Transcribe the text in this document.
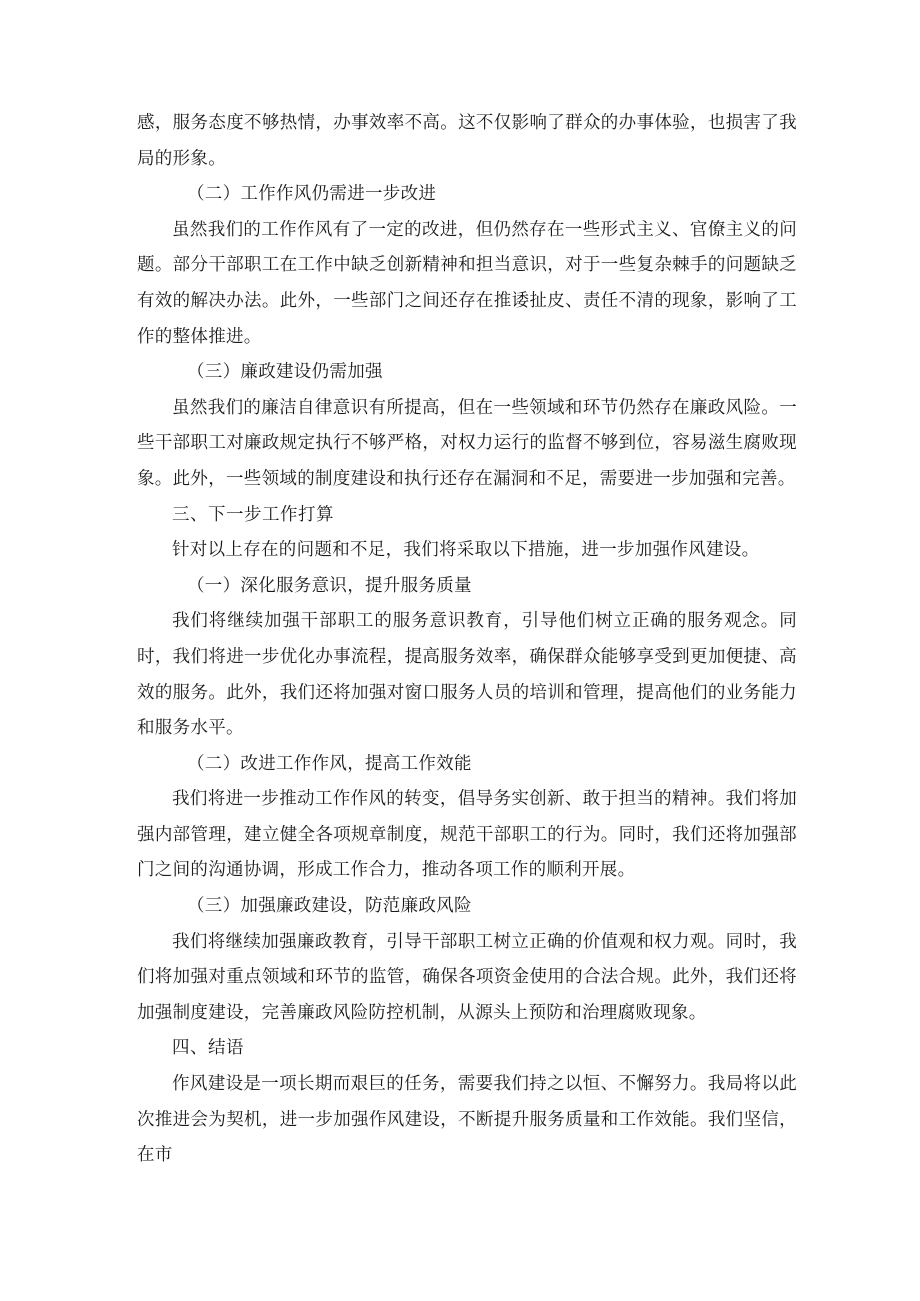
感，服务态度不够热情，办事效率不高。这不仅影响了群众的办事体验，也损害了我局的形象。

（二）工作作风仍需进一步改进

虽然我们的工作作风有了一定的改进，但仍然存在一些形式主义、官僚主义的问题。部分干部职工在工作中缺乏创新精神和担当意识，对于一些复杂棘手的问题缺乏有效的解决办法。此外，一些部门之间还存在推诿扯皮、责任不清的现象，影响了工作的整体推进。

（三）廉政建设仍需加强

虽然我们的廉洁自律意识有所提高，但在一些领域和环节仍然存在廉政风险。一些干部职工对廉政规定执行不够严格，对权力运行的监督不够到位，容易滋生腐败现象。此外，一些领域的制度建设和执行还存在漏洞和不足，需要进一步加强和完善。

三、下一步工作打算

针对以上存在的问题和不足，我们将采取以下措施，进一步加强作风建设。

（一）深化服务意识，提升服务质量

我们将继续加强干部职工的服务意识教育，引导他们树立正确的服务观念。同时，我们将进一步优化办事流程，提高服务效率，确保群众能够享受到更加便捷、高效的服务。此外，我们还将加强对窗口服务人员的培训和管理，提高他们的业务能力和服务水平。

（二）改进工作作风，提高工作效能

我们将进一步推动工作作风的转变，倡导务实创新、敢于担当的精神。我们将加强内部管理，建立健全各项规章制度，规范干部职工的行为。同时，我们还将加强部门之间的沟通协调，形成工作合力，推动各项工作的顺利开展。

（三）加强廉政建设，防范廉政风险

我们将继续加强廉政教育，引导干部职工树立正确的价值观和权力观。同时，我们将加强对重点领域和环节的监管，确保各项资金使用的合法合规。此外，我们还将加强制度建设，完善廉政风险防控机制，从源头上预防和治理腐败现象。

四、结语

作风建设是一项长期而艰巨的任务，需要我们持之以恒、不懈努力。我局将以此次推进会为契机，进一步加强作风建设，不断提升服务质量和工作效能。我们坚信，在市
